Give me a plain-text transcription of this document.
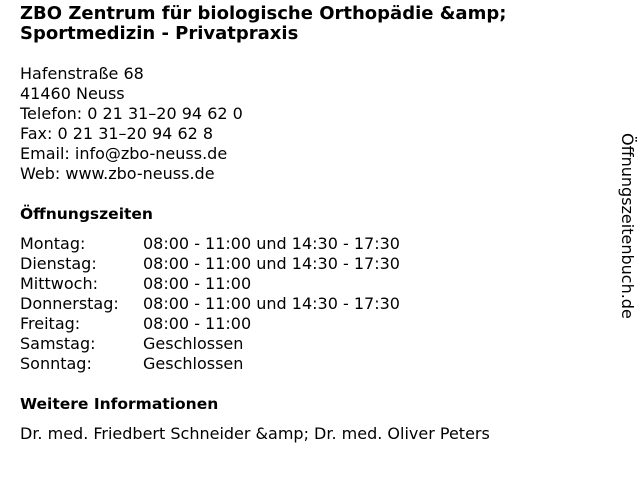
ZBO Zentrum für biologische Orthopädie &amp; Sportmedizin - Privatpraxis
Hafenstraße 68
41460 Neuss
Telefon: 0 21 31–20 94 62 0
Fax: 0 21 31–20 94 62 8
Email: info@zbo-neuss.de
Web: www.zbo-neuss.de
Öffnungszeiten
Montag:	08:00 - 11:00 und 14:30 - 17:30
Dienstag:	08:00 - 11:00 und 14:30 - 17:30
Mittwoch:	08:00 - 11:00
Donnerstag:	08:00 - 11:00 und 14:30 - 17:30
Freitag:	08:00 - 11:00
Samstag:	Geschlossen
Sonntag:	Geschlossen
Weitere Informationen
Dr. med. Friedbert Schneider &amp; Dr. med. Oliver Peters
Öffnungszeitenbuch.de
